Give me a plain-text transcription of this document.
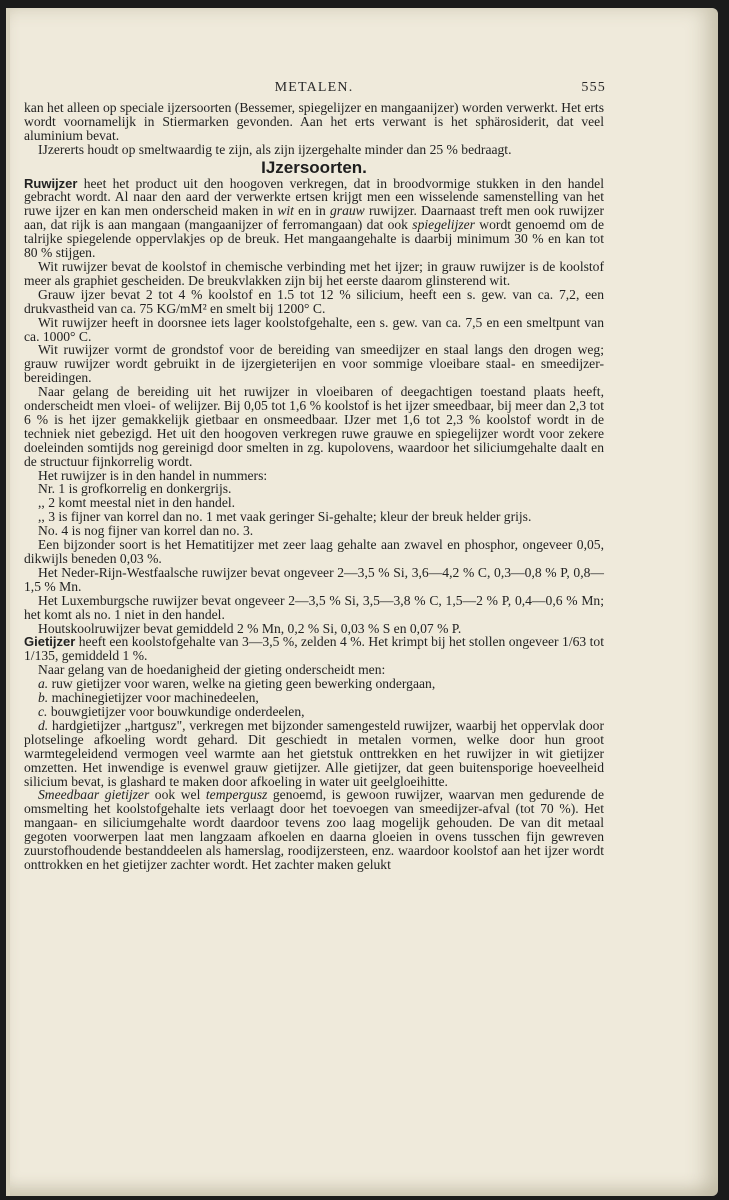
METALEN.	555

kan het alleen op speciale ijzersoorten (Bessemer, spiegelijzer en mangaanijzer) worden verwerkt. Het erts wordt voornamelijk in Stiermarken gevonden. Aan het erts verwant is het sphärosiderit, dat veel aluminium bevat.

IJzererts houdt op smeltwaardig te zijn, als zijn ijzergehalte minder dan 25 % bedraagt.

IJzersoorten.

Ruwijzer heet het product uit den hoogoven verkregen, dat in broodvormige stukken in den handel gebracht wordt. Al naar den aard der verwerkte ertsen krijgt men een wisselende samenstelling van het ruwe ijzer en kan men onderscheid maken in wit en in grauw ruwijzer. Daarnaast treft men ook ruwijzer aan, dat rijk is aan mangaan (mangaanijzer of ferromangaan) dat ook spiegelijzer wordt genoemd om de talrijke spiegelende oppervlakjes op de breuk. Het mangaangehalte is daarbij minimum 30 % en kan tot 80 % stijgen.

Wit ruwijzer bevat de koolstof in chemische verbinding met het ijzer; in grauw ruwijzer is de koolstof meer als graphiet gescheiden. De breukvlakken zijn bij het eerste daarom glinsterend wit.

Grauw ijzer bevat 2 tot 4 % koolstof en 1.5 tot 12 % silicium, heeft een s. gew. van ca. 7,2, een drukvastheid van ca. 75 KG/mM² en smelt bij 1200° C.

Wit ruwijzer heeft in doorsnee iets lager koolstofgehalte, een s. gew. van ca. 7,5 en een smeltpunt van ca. 1000° C.

Wit ruwijzer vormt de grondstof voor de bereiding van smeedijzer en staal langs den drogen weg; grauw ruwijzer wordt gebruikt in de ijzergieterijen en voor sommige vloeibare staal- en smeedijzer-bereidingen.

Naar gelang de bereiding uit het ruwijzer in vloeibaren of deegachtigen toestand plaats heeft, onderscheidt men vloei- of welijzer. Bij 0,05 tot 1,6 % koolstof is het ijzer smeedbaar, bij meer dan 2,3 tot 6 % is het ijzer gemakkelijk gietbaar en onsmeedbaar. IJzer met 1,6 tot 2,3 % koolstof wordt in de techniek niet gebezigd. Het uit den hoogoven verkregen ruwe grauwe en spiegelijzer wordt voor zekere doeleinden somtijds nog gereinigd door smelten in zg. kupolovens, waardoor het siliciumgehalte daalt en de structuur fijnkorrelig wordt.

Het ruwijzer is in den handel in nummers:

Nr. 1 is grofkorrelig en donkergrijs.

,, 2 komt meestal niet in den handel.

,, 3 is fijner van korrel dan no. 1 met vaak geringer Si-gehalte; kleur der breuk helder grijs.

No. 4 is nog fijner van korrel dan no. 3.

Een bijzonder soort is het Hematitijzer met zeer laag gehalte aan zwavel en phosphor, ongeveer 0,05, dikwijls beneden 0,03 %.

Het Neder-Rijn-Westfaalsche ruwijzer bevat ongeveer 2—3,5 % Si, 3,6—4,2 % C, 0,3—0,8 % P, 0,8—1,5 % Mn.

Het Luxemburgsche ruwijzer bevat ongeveer 2—3,5 % Si, 3,5—3,8 % C, 1,5—2 % P, 0,4—0,6 % Mn; het komt als no. 1 niet in den handel.

Houtskoolruwijzer bevat gemiddeld 2 % Mn, 0,2 % Si, 0,03 % S en 0,07 % P.

Gietijzer heeft een koolstofgehalte van 3—3,5 %, zelden 4 %. Het krimpt bij het stollen ongeveer 1/63 tot 1/135, gemiddeld 1 %.

Naar gelang van de hoedanigheid der gieting onderscheidt men:

a. ruw gietijzer voor waren, welke na gieting geen bewerking ondergaan,

b. machinegietijzer voor machinedeelen,

c. bouwgietijzer voor bouwkundige onderdeelen,

d. hardgietijzer „hartgusz", verkregen met bijzonder samengesteld ruwijzer, waarbij het oppervlak door plotselinge afkoeling wordt gehard. Dit geschiedt in metalen vormen, welke door hun groot warmtegeleidend vermogen veel warmte aan het gietstuk onttrekken en het ruwijzer in wit gietijzer omzetten. Het inwendige is evenwel grauw gietijzer. Alle gietijzer, dat geen buitensporige hoeveelheid silicium bevat, is glashard te maken door afkoeling in water uit geelgloeihitte.

Smeedbaar gietijzer ook wel tempergusz genoemd, is gewoon ruwijzer, waarvan men gedurende de omsmelting het koolstofgehalte iets verlaagt door het toevoegen van smeedijzer-afval (tot 70 %). Het mangaan- en siliciumgehalte wordt daardoor tevens zoo laag mogelijk gehouden. De van dit metaal gegoten voorwerpen laat men langzaam afkoelen en daarna gloeien in ovens tusschen fijn gewreven zuurstofhoudende bestanddeelen als hamerslag, roodijzersteen, enz. waardoor koolstof aan het ijzer wordt onttrokken en het gietijzer zachter wordt. Het zachter maken gelukt
